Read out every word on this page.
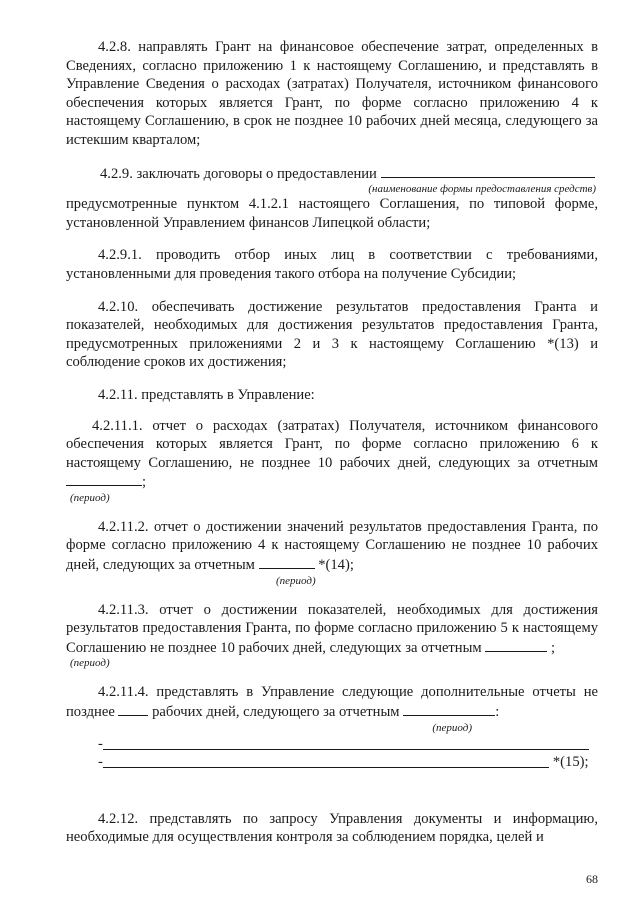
4.2.8. направлять Грант на финансовое обеспечение затрат, определенных в Сведениях, согласно приложению 1 к настоящему Соглашению, и представлять в Управление Сведения о расходах (затратах) Получателя, источником финансового обеспечения которых является Грант, по форме согласно приложению 4 к настоящему Соглашению, в срок не позднее 10 рабочих дней месяца, следующего за истекшим кварталом;

4.2.9. заключать договоры о предоставлении

(наименование формы предоставления средств)

предусмотренные пунктом 4.1.2.1 настоящего Соглашения, по типовой форме, установленной Управлением финансов Липецкой области;

4.2.9.1. проводить отбор иных лиц в соответствии с требованиями, установленными для проведения такого отбора на получение Субсидии;

4.2.10. обеспечивать достижение результатов предоставления Гранта и показателей, необходимых для достижения результатов предоставления Гранта, предусмотренных приложениями 2 и 3 к настоящему Соглашению *(13) и соблюдение сроков их достижения;

4.2.11. представлять в Управление:

4.2.11.1. отчет о расходах (затратах) Получателя, источником финансового обеспечения которых является Грант, по форме согласно приложению 6 к настоящему Соглашению, не позднее 10 рабочих дней, следующих за отчетным ;

(период)

4.2.11.2. отчет о достижении значений результатов предоставления Гранта, по форме согласно приложению 4 к настоящему Соглашению не позднее 10 рабочих дней, следующих за отчетным	*(14);

(период)

4.2.11.3. отчет о достижении показателей, необходимых для достижения результатов предоставления Гранта, по форме согласно приложению 5 к настоящему Соглашению не позднее 10 рабочих дней, следующих за отчетным	;

(период)

4.2.11.4. представлять в Управление следующие дополнительные отчеты не

позднее	рабочих дней, следующего за отчетным	:

(период)
-
-	*(15);

4.2.12. представлять по запросу Управления документы и информацию, необходимые для осуществления контроля за соблюдением порядка, целей и

68
